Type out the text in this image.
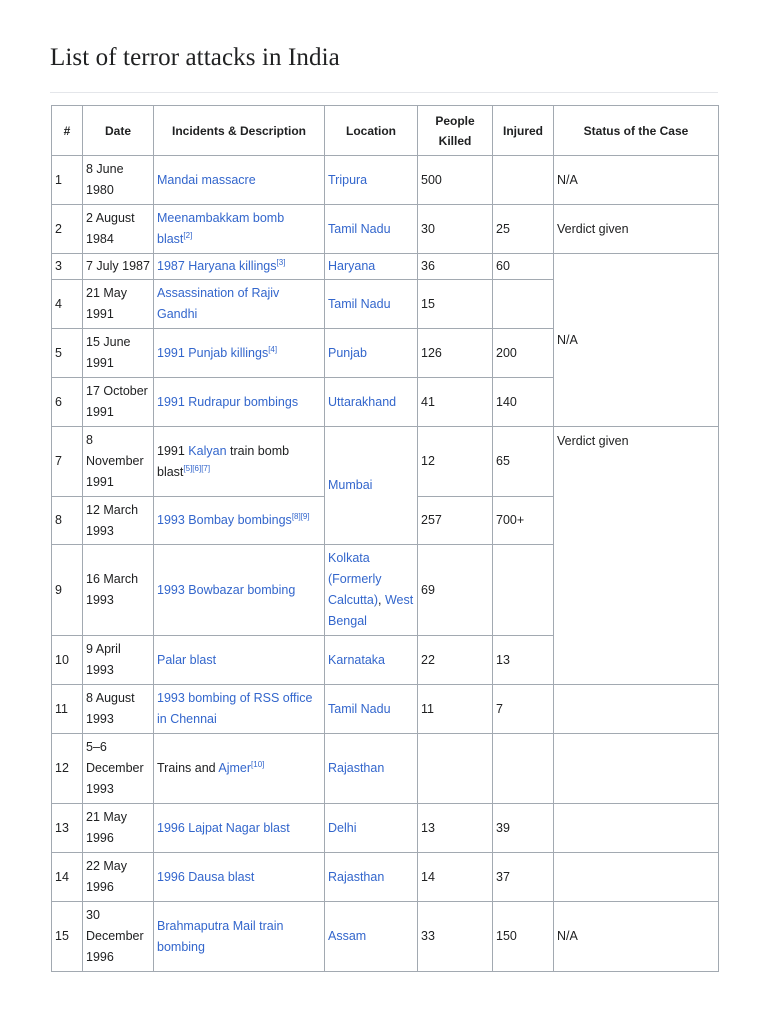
List of terror attacks in India
#	Date	Incidents & Description	Location	People Killed	Injured	Status of the Case
1	8 June 1980	Mandai massacre	Tripura	500		N/A
2	2 August 1984	Meenambakkam bomb blast[2]	Tamil Nadu	30	25	Verdict given
3	7 July 1987	1987 Haryana killings[3]	Haryana	36	60	N/A
4	21 May 1991	Assassination of Rajiv Gandhi	Tamil Nadu	15		
5	15 June 1991	1991 Punjab killings[4]	Punjab	126	200	
6	17 October 1991	1991 Rudrapur bombings	Uttarakhand	41	140	
7	8 November 1991	1991 Kalyan train bomb blast[5][6][7]	Mumbai	12	65	Verdict given
8	12 March 1993	1993 Bombay bombings[8][9]		257	700+	
9	16 March 1993	1993 Bowbazar bombing	Kolkata (Formerly Calcutta), West Bengal	69		
10	9 April 1993	Palar blast	Karnataka	22	13	
11	8 August 1993	1993 bombing of RSS office in Chennai	Tamil Nadu	11	7	
12	5–6 December 1993	Trains and Ajmer[10]	Rajasthan			
13	21 May 1996	1996 Lajpat Nagar blast	Delhi	13	39	
14	22 May 1996	1996 Dausa blast	Rajasthan	14	37	
15	30 December 1996	Brahmaputra Mail train bombing	Assam	33	150	N/A
